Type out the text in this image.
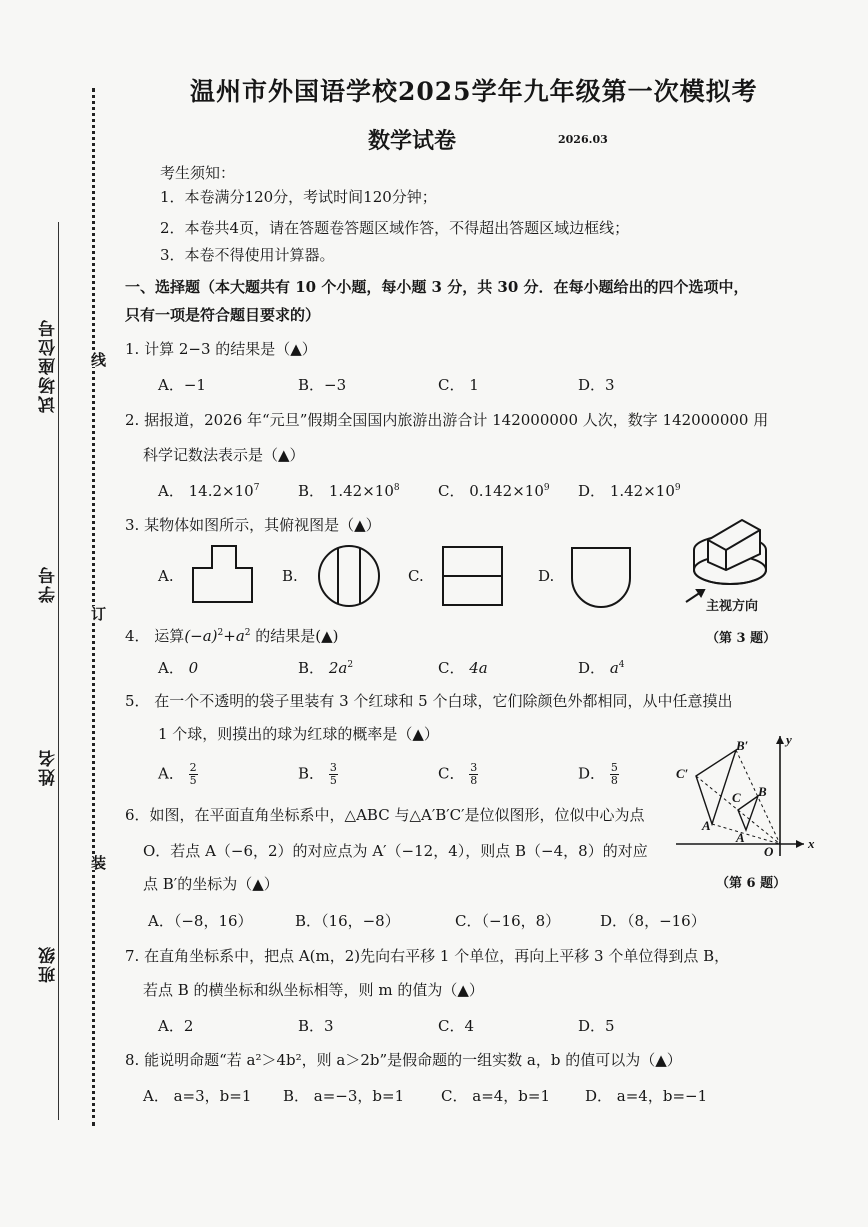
试场座位号
学号
姓名
班级
线
订
装
温州市外国语学校2025学年九年级第一次模拟考
数学试卷	2026.03
考生须知：
1．本卷满分120分，考试时间120分钟；
2．本卷共4页，请在答题卷答题区域作答，不得超出答题区域边框线；
3．本卷不得使用计算器。
一、选择题（本大题共有 10 个小题，每小题 3 分，共 30 分．在每小题给出的四个选项中，
只有一项是符合题目要求的）
1. 计算 2−3 的结果是（▲）
A．−1	B．−3	C． 1	D．3
2. 据报道，2026 年“元旦”假期全国国内旅游出游合计 142000000 人次，数字 142000000 用
科学记数法表示是（▲）
A． $14.2\times 10^7$	B． $1.42\times 10^8$	C． $0.142\times 10^9$ D． $1.42\times 10^9$
3. 某物体如图所示，其俯视图是（▲）
A.	B.	C.	D.
主视方向
（第 3 题）
4． 运算$(-a)^2+a^2$ 的结果是(▲)
A． 0	B． $2a^2$	C． 4a	D． $a^4$
5． 在一个不透明的袋子里装有 3 个红球和 5 个白球，它们除颜色外都相同，从中任意摸出
1 个球，则摸出的球为红球的概率是（▲）
A． $\frac{2}{5}$	B． $\frac{3}{5}$	C． $\frac{3}{8}$	D． $\frac{5}{8}$
6．如图，在平面直角坐标系中，△ABC 与△A′B′C′是位似图形，位似中心为点
O．若点 A（−6，2）的对应点为 A′（−12，4），则点 B（−4，8）的对应
点 B′的坐标为（▲）
A．（−8，16）	B．（16，−8）	C．（−16，8）	D．（8，−16）
y
x
O
C′
B′
A′
C B
A
（第 6 题）
7. 在直角坐标系中，把点 A(m，2)先向右平移 1 个单位，再向上平移 3 个单位得到点 B，
若点 B 的横坐标和纵坐标相等，则 m 的值为（▲）
A．2	B．3	C．4	D．5
8. 能说明命题“若 a²＞4b²，则 a＞2b”是假命题的一组实数 a，b 的值可以为（▲）
A． a=3，b=1 B． a=−3，b=1 C． a=4，b=1 D． a=4，b=−1
